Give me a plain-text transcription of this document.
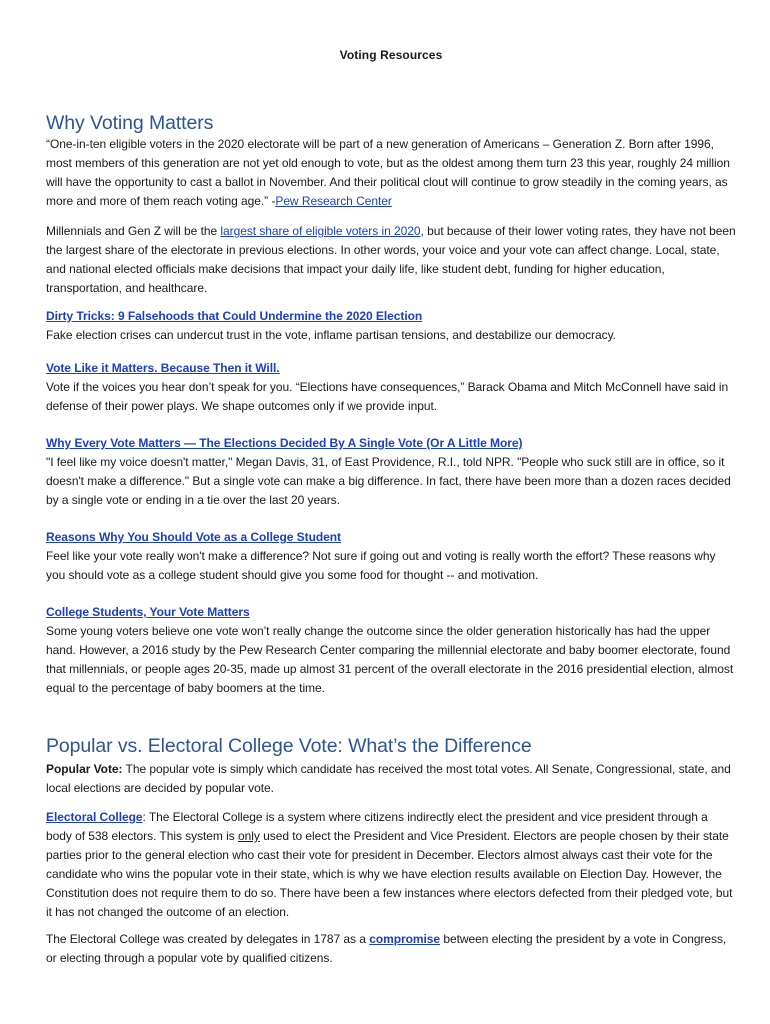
Voting Resources
Why Voting Matters
“One-in-ten eligible voters in the 2020 electorate will be part of a new generation of Americans – Generation Z. Born after 1996, most members of this generation are not yet old enough to vote, but as the oldest among them turn 23 this year, roughly 24 million will have the opportunity to cast a ballot in November. And their political clout will continue to grow steadily in the coming years, as more and more of them reach voting age.” -Pew Research Center
Millennials and Gen Z will be the largest share of eligible voters in 2020, but because of their lower voting rates, they have not been the largest share of the electorate in previous elections. In other words, your voice and your vote can affect change. Local, state, and national elected officials make decisions that impact your daily life, like student debt, funding for higher education, transportation, and healthcare.
Dirty Tricks: 9 Falsehoods that Could Undermine the 2020 Election
Fake election crises can undercut trust in the vote, inflame partisan tensions, and destabilize our democracy.
Vote Like it Matters. Because Then it Will.
Vote if the voices you hear don’t speak for you. “Elections have consequences,” Barack Obama and Mitch McConnell have said in defense of their power plays. We shape outcomes only if we provide input.
Why Every Vote Matters — The Elections Decided By A Single Vote (Or A Little More)
"I feel like my voice doesn't matter," Megan Davis, 31, of East Providence, R.I., told NPR. "People who suck still are in office, so it doesn't make a difference." But a single vote can make a big difference. In fact, there have been more than a dozen races decided by a single vote or ending in a tie over the last 20 years.
Reasons Why You Should Vote as a College Student
Feel like your vote really won't make a difference? Not sure if going out and voting is really worth the effort? These reasons why you should vote as a college student should give you some food for thought -- and motivation.
College Students, Your Vote Matters
Some young voters believe one vote won’t really change the outcome since the older generation historically has had the upper hand. However, a 2016 study by the Pew Research Center comparing the millennial electorate and baby boomer electorate, found that millennials, or people ages 20-35, made up almost 31 percent of the overall electorate in the 2016 presidential election, almost equal to the percentage of baby boomers at the time.
Popular vs. Electoral College Vote: What’s the Difference
Popular Vote: The popular vote is simply which candidate has received the most total votes. All Senate, Congressional, state, and local elections are decided by popular vote.
Electoral College: The Electoral College is a system where citizens indirectly elect the president and vice president through a body of 538 electors. This system is only used to elect the President and Vice President. Electors are people chosen by their state parties prior to the general election who cast their vote for president in December. Electors almost always cast their vote for the candidate who wins the popular vote in their state, which is why we have election results available on Election Day. However, the Constitution does not require them to do so. There have been a few instances where electors defected from their pledged vote, but it has not changed the outcome of an election.
The Electoral College was created by delegates in 1787 as a compromise between electing the president by a vote in Congress, or electing through a popular vote by qualified citizens.
